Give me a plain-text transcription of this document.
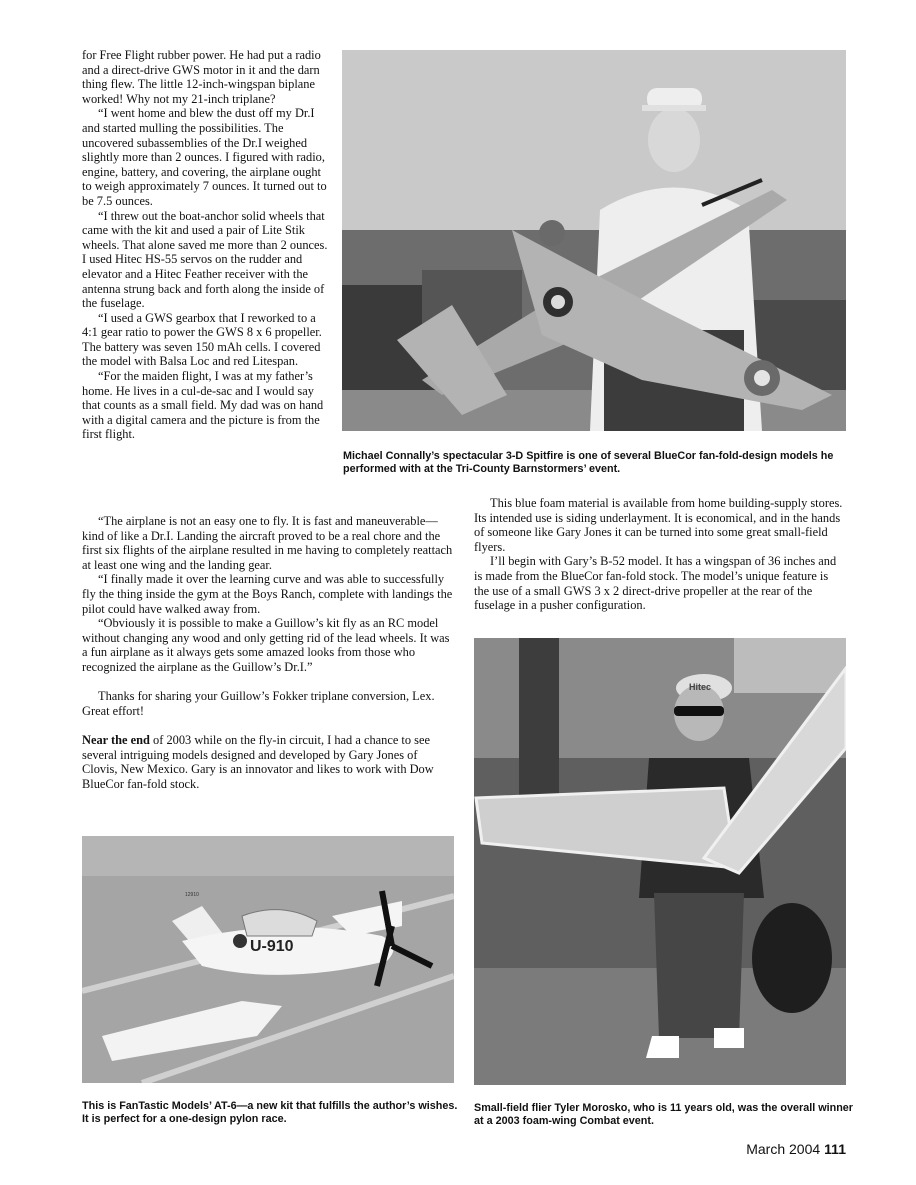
for Free Flight rubber power. He had put a radio and a direct-drive GWS motor in it and the darn thing flew. The little 12-inch-wingspan biplane worked! Why not my 21-inch triplane?

“I went home and blew the dust off my Dr.I and started mulling the possibilities. The uncovered subassemblies of the Dr.I weighed slightly more than 2 ounces. I figured with radio, engine, battery, and covering, the airplane ought to weigh approximately 7 ounces. It turned out to be 7.5 ounces.

“I threw out the boat-anchor solid wheels that came with the kit and used a pair of Lite Stik wheels. That alone saved me more than 2 ounces. I used Hitec HS-55 servos on the rudder and elevator and a Hitec Feather receiver with the antenna strung back and forth along the inside of the fuselage.

“I used a GWS gearbox that I reworked to a 4:1 gear ratio to power the GWS 8 x 6 propeller. The battery was seven 150 mAh cells. I covered the model with Balsa Loc and red Litespan.

“For the maiden flight, I was at my father’s home. He lives in a cul-de-sac and I would say that counts as a small field. My dad was on hand with a digital camera and the picture is from the first flight.

“The airplane is not an easy one to fly. It is fast and maneuverable—kind of like a Dr.I. Landing the aircraft proved to be a real chore and the first six flights of the airplane resulted in me having to completely reattach at least one wing and the landing gear.

“I finally made it over the learning curve and was able to successfully fly the thing inside the gym at the Boys Ranch, complete with landings the pilot could have walked away from.

“Obviously it is possible to make a Guillow’s kit fly as an RC model without changing any wood and only getting rid of the lead wheels. It was a fun airplane as it always gets some amazed looks from those who recognized the airplane as the Guillow’s Dr.I.”

Thanks for sharing your Guillow’s Fokker triplane conversion, Lex. Great effort!

Near the end of 2003 while on the fly-in circuit, I had a chance to see several intriguing models designed and developed by Gary Jones of Clovis, New Mexico. Gary is an innovator and likes to work with Dow BlueCor fan-fold stock.

This blue foam material is available from home building-supply stores. Its intended use is siding underlayment. It is economical, and in the hands of someone like Gary Jones it can be turned into some great small-field flyers.

I’ll begin with Gary’s B-52 model. It has a wingspan of 36 inches and is made from the BlueCor fan-fold stock. The model’s unique feature is the use of a small GWS 3 x 2 direct-drive propeller at the rear of the fuselage in a pusher configuration.

Michael Connally’s spectacular 3-D Spitfire is one of several BlueCor fan-fold-design models he performed with at the Tri-County Barnstormers’ event.
U-910
12910
This is FanTastic Models’ AT-6—a new kit that fulfills the author’s wishes. It is perfect for a one-design pylon race.
Hitec
Small-field flier Tyler Morosko, who is 11 years old, was the overall winner at a 2003 foam-wing Combat event.
March 2004 111
